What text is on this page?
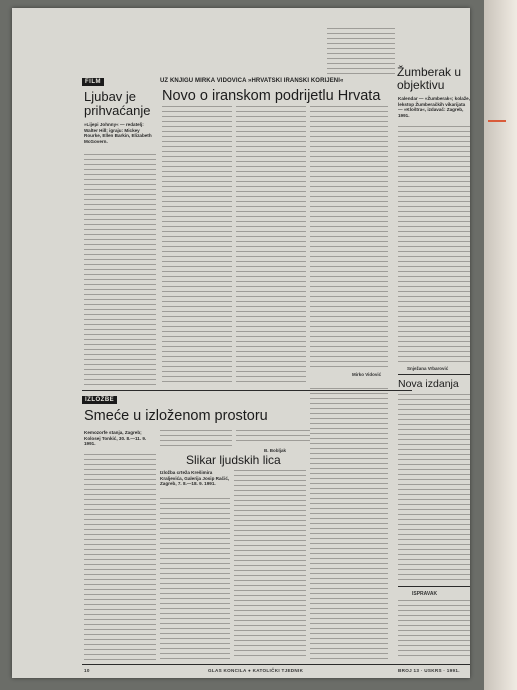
FILM
Ljubav je prihvaćanje
»Lijepi Johnny« — redatelj: Walter Hill; igraju: Mickey Rourke, Ellen Barkin, Elizabeth McGovern.
UZ KNJIGU MIRKA VIDOVICA »HRVATSKI IRANSKI KORIJENI«
Novo o iranskom podrijetlu Hrvata
Mirko Vidović
Žumberak u objektivu
Kalendar — »Žumberak«; kolaže, lekstop Žumberačkih vikarijata — »Kloštra«, izdavač: Zagreb, 1991.
Snježana Vrbarović
Nova izdanja
ISPRAVAK
IZLOŽBE
Smeće u izloženom prostoru
Kemozorfe stanja, Zagreb; Kolosej Tonkić, 30. 8.—11. 9. 1991.
B. Bobljak
Slikar ljudskih lica
Izložba crteža Krešimira Kraljevića, Galerija Josip Račić, Zagreb, 7. 8.—18. 9. 1991.
10	GLAS KONCILA ● KATOLIČKI TJEDNIK	BROJ 13 · USKRS · 1991.
